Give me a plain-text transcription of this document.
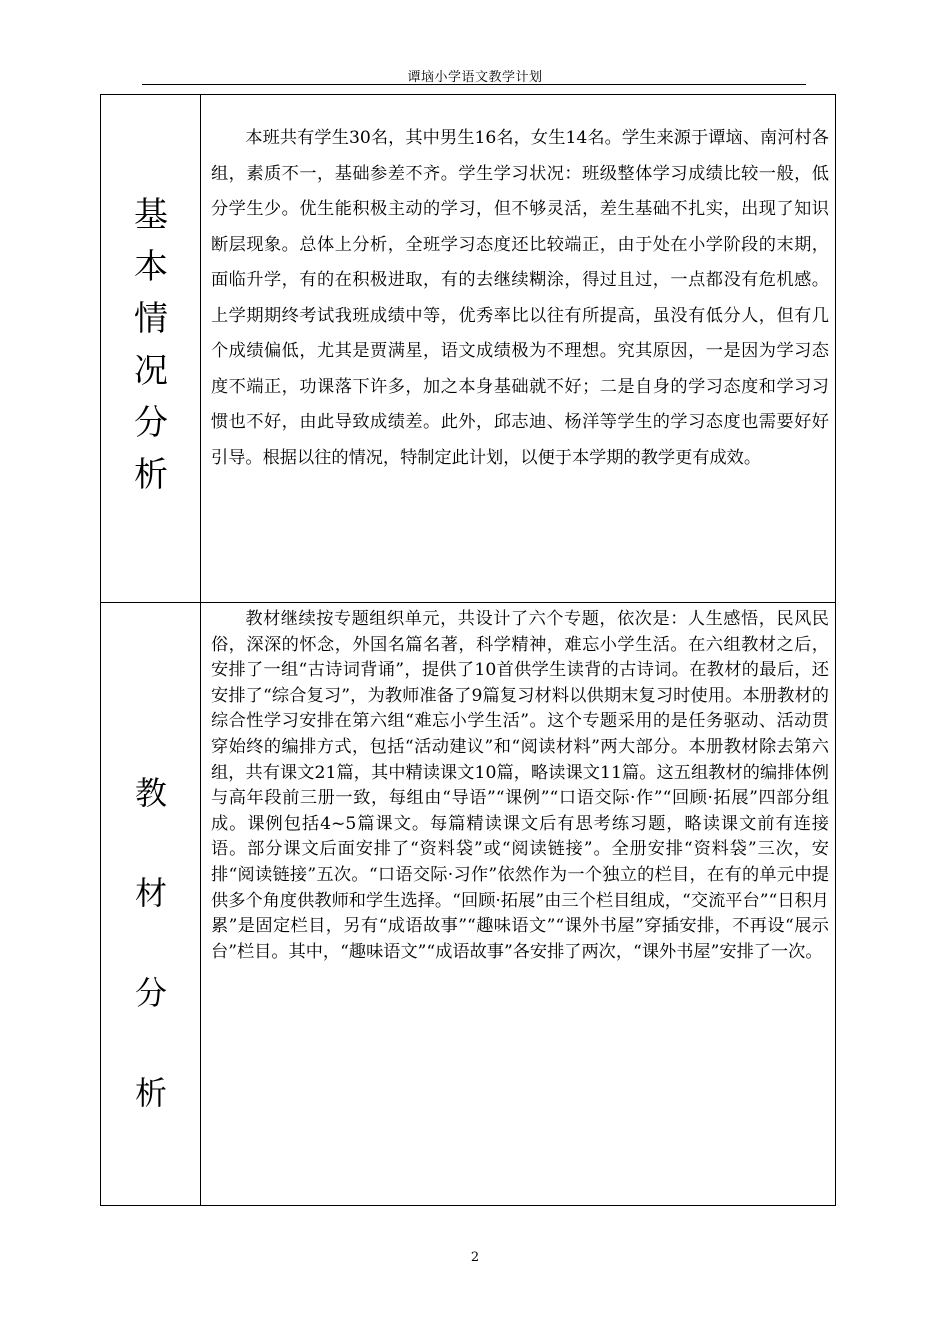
谭垴小学语文教学计划
基
本
情
况
分
析

本班共有学生30名，其中男生16名，女生14名。学生来源于谭垴、南河村各组，素质不一，基础参差不齐。学生学习状况：班级整体学习成绩比较一般，低分学生少。优生能积极主动的学习，但不够灵活，差生基础不扎实，出现了知识断层现象。总体上分析，全班学习态度还比较端正，由于处在小学阶段的末期，面临升学，有的在积极进取，有的去继续糊涂，得过且过，一点都没有危机感。上学期期终考试我班成绩中等，优秀率比以往有所提高，虽没有低分人，但有几个成绩偏低，尤其是贾满星，语文成绩极为不理想。究其原因，一是因为学习态度不端正，功课落下许多，加之本身基础就不好；二是自身的学习态度和学习习惯也不好，由此导致成绩差。此外，邱志迪、杨洋等学生的学习态度也需要好好引导。根据以往的情况，特制定此计划，以便于本学期的教学更有成效。

教
材
分
析

教材继续按专题组织单元，共设计了六个专题，依次是：人生感悟，民风民俗，深深的怀念，外国名篇名著，科学精神，难忘小学生活。在六组教材之后，安排了一组“古诗词背诵”，提供了10首供学生读背的古诗词。在教材的最后，还安排了“综合复习”，为教师准备了9篇复习材料以供期末复习时使用。本册教材的综合性学习安排在第六组“难忘小学生活”。这个专题采用的是任务驱动、活动贯穿始终的编排方式，包括“活动建议”和“阅读材料”两大部分。本册教材除去第六组，共有课文21篇，其中精读课文10篇，略读课文11篇。这五组教材的编排体例与高年段前三册一致，每组由“导语”“课例”“口语交际·作”“回顾·拓展”四部分组成。课例包括4~5篇课文。每篇精读课文后有思考练习题，略读课文前有连接语。部分课文后面安排了“资料袋”或“阅读链接”。全册安排“资料袋”三次，安排“阅读链接”五次。“口语交际·习作”依然作为一个独立的栏目，在有的单元中提供多个角度供教师和学生选择。“回顾·拓展”由三个栏目组成，“交流平台”“日积月累”是固定栏目，另有“成语故事”“趣味语文”“课外书屋”穿插安排，不再设“展示台”栏目。其中，“趣味语文”“成语故事”各安排了两次，“课外书屋”安排了一次。

2
